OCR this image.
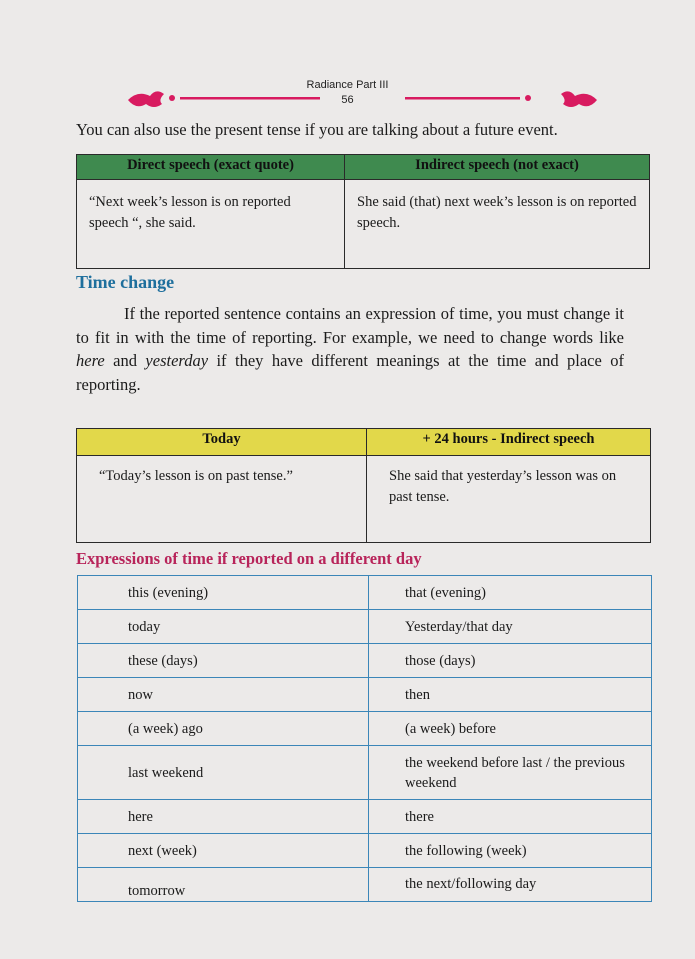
Radiance Part III
56
You can also use the present tense if you are talking about a future event.
Direct speech (exact quote)	Indirect speech (not exact)
“Next week’s lesson is on reported speech “, she said.	She said (that) next week’s lesson is on reported speech.
Time change
If the reported sentence contains an expression of time, you must change it to fit in with the time of reporting. For example, we need to change words like here and yesterday if they have different meanings at the time and place of reporting.
Today	+ 24 hours - Indirect speech
“Today’s lesson is on past tense.”	She said that yesterday’s lesson was on past tense.
Expressions of time if reported on a different day
this (evening)	that (evening)
today	Yesterday/that day
these (days)	those (days)
now	then
(a week) ago	(a week) before
last weekend	the weekend before last / the previous weekend
here	there
next (week)	the following (week)
tomorrow	the next/following day
